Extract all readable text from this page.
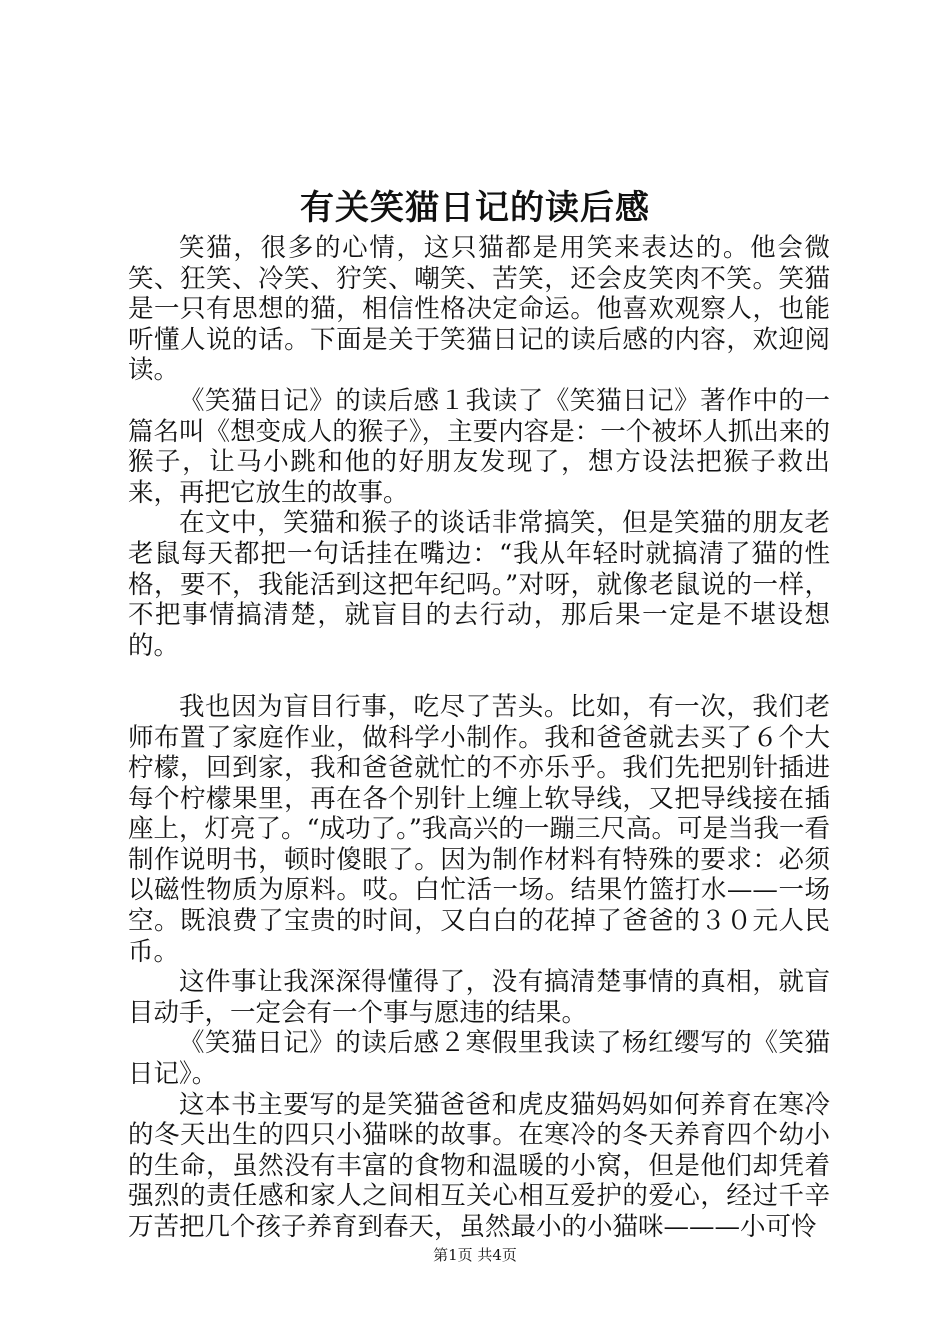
有关笑猫日记的读后感

笑猫，很多的心情，这只猫都是用笑来表达的。他会微笑、狂笑、冷笑、狞笑、嘲笑、苦笑，还会皮笑肉不笑。笑猫是一只有思想的猫，相信性格决定命运。他喜欢观察人，也能听懂人说的话。下面是关于笑猫日记的读后感的内容，欢迎阅读。

《笑猫日记》的读后感１我读了《笑猫日记》著作中的一篇名叫《想变成人的猴子》，主要内容是：一个被坏人抓出来的猴子，让马小跳和他的好朋友发现了，想方设法把猴子救出来，再把它放生的故事。

在文中，笑猫和猴子的谈话非常搞笑，但是笑猫的朋友老老鼠每天都把一句话挂在嘴边：“我从年轻时就搞清了猫的性格，要不，我能活到这把年纪吗。”对呀，就像老鼠说的一样，不把事情搞清楚，就盲目的去行动，那后果一定是不堪设想的。

我也因为盲目行事，吃尽了苦头。比如，有一次，我们老师布置了家庭作业，做科学小制作。我和爸爸就去买了６个大柠檬，回到家，我和爸爸就忙的不亦乐乎。我们先把别针插进每个柠檬果里，再在各个别针上缠上软导线，又把导线接在插座上，灯亮了。“成功了。”我高兴的一蹦三尺高。可是当我一看制作说明书，顿时傻眼了。因为制作材料有特殊的要求：必须以磁性物质为原料。哎。白忙活一场。结果竹篮打水——一场空。既浪费了宝贵的时间，又白白的花掉了爸爸的３０元人民币。

这件事让我深深得懂得了，没有搞清楚事情的真相，就盲目动手，一定会有一个事与愿违的结果。

《笑猫日记》的读后感２寒假里我读了杨红缨写的《笑猫日记》。

这本书主要写的是笑猫爸爸和虎皮猫妈妈如何养育在寒冷的冬天出生的四只小猫咪的故事。在寒冷的冬天养育四个幼小的生命，虽然没有丰富的食物和温暖的小窝，但是他们却凭着强烈的责任感和家人之间相互关心相互爱护的爱心，经过千辛万苦把几个孩子养育到春天，虽然最小的小猫咪———小可怜

第1页 共4页
